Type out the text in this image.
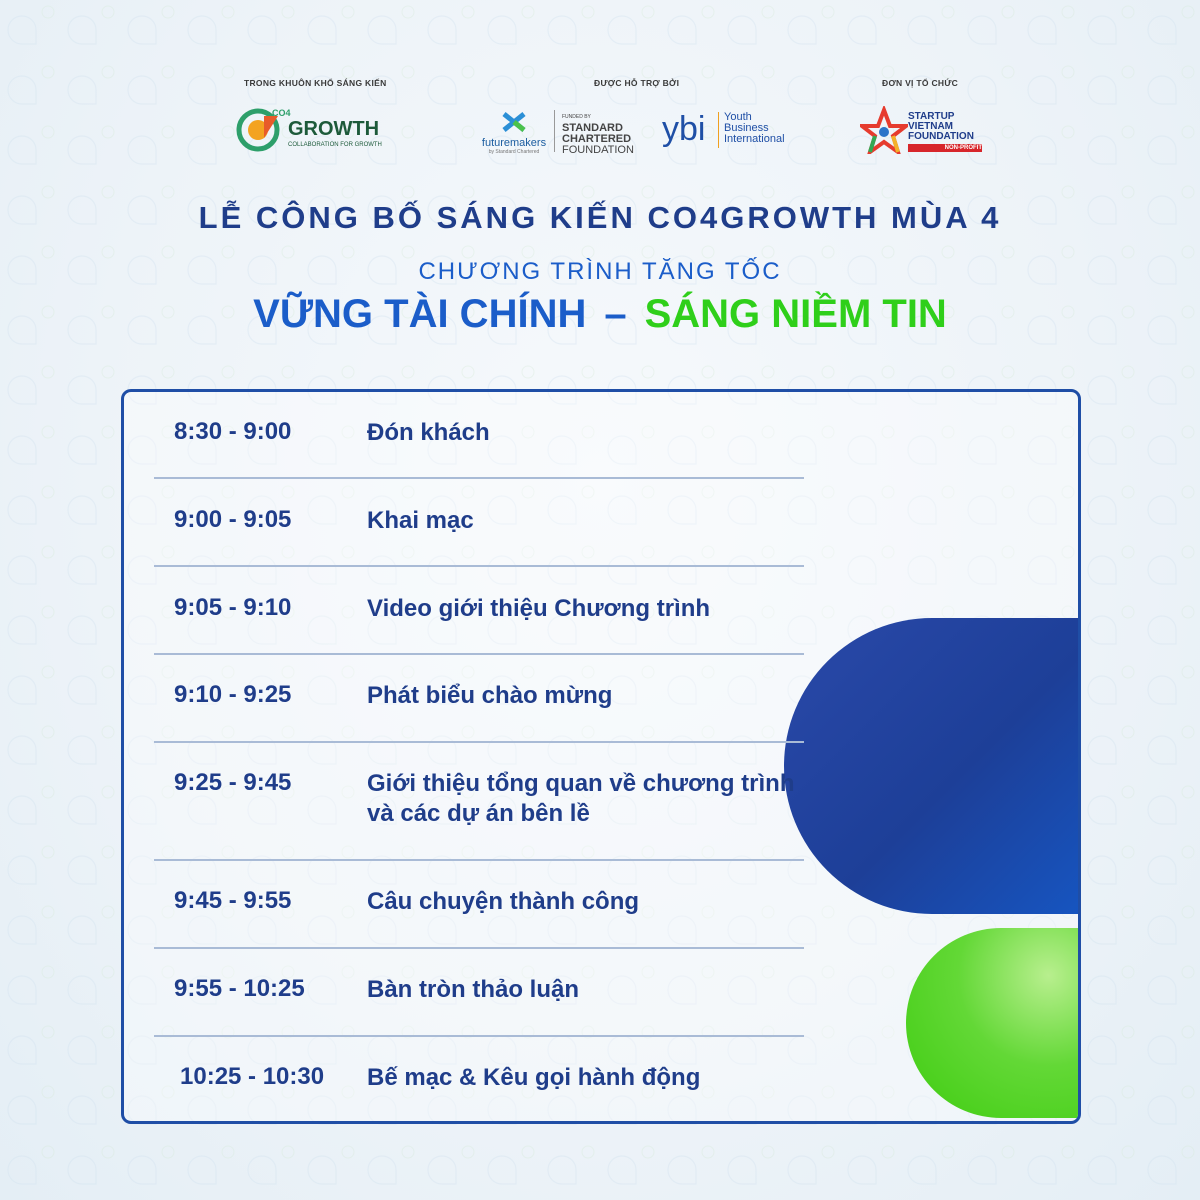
TRONG KHUÔN KHỔ SÁNG KIẾN
CO4
GROWTH
COLLABORATION FOR GROWTH
ĐƯỢC HỖ TRỢ BỞI
futuremakers
by Standard Chartered
FUNDED BY
STANDARD
CHARTERED
FOUNDATION
ybi Youth
Business
International
ĐƠN VỊ TỔ CHỨC
STARTUP
VIETNAM
FOUNDATION
NON-PROFIT
LỄ CÔNG BỐ SÁNG KIẾN CO4GROWTH MÙA 4
CHƯƠNG TRÌNH TĂNG TỐC
VỮNG TÀI CHÍNH – SÁNG NIỀM TIN
8:30 - 9:00	Đón khách
9:00 - 9:05	Khai mạc
9:05 - 9:10	Video giới thiệu Chương trình
9:10 - 9:25	Phát biểu chào mừng
9:25 - 9:45	Giới thiệu tổng quan về chương trình và các dự án bên lề
9:45 - 9:55	Câu chuyện thành công
9:55 - 10:25	Bàn tròn thảo luận
10:25 - 10:30 Bế mạc & Kêu gọi hành động
